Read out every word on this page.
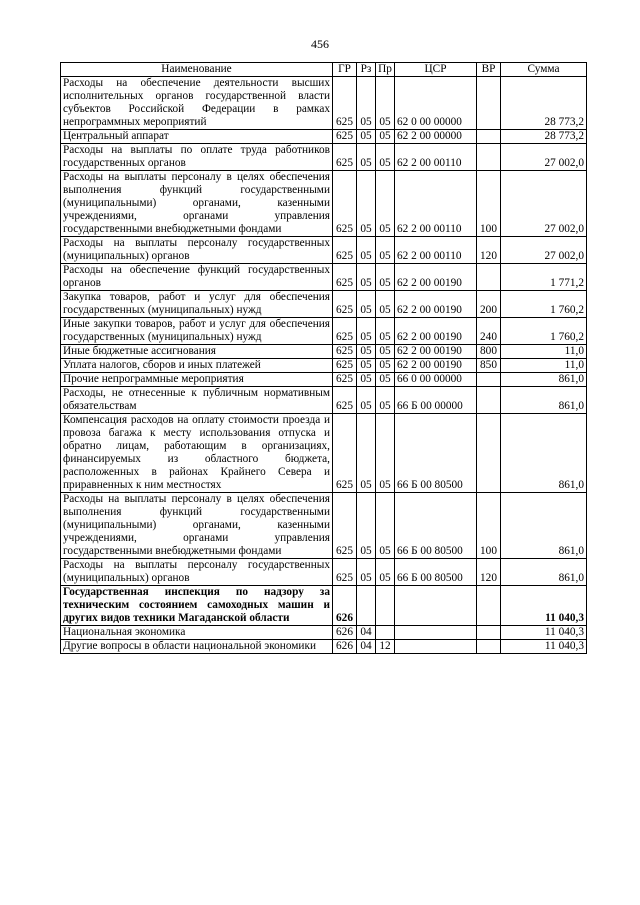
456
Наименование	ГР	Рз	Пр	ЦСР	ВР	Сумма
Расходы на обеспечение деятельности высших исполнительных органов государственной власти субъектов Российской Федерации в рамках непрограммных мероприятий	625	05	05	62 0 00 00000		28 773,2
Центральный аппарат	625	05	05	62 2 00 00000		28 773,2
Расходы на выплаты по оплате труда работников государственных органов	625	05	05	62 2 00 00110		27 002,0
Расходы на выплаты персоналу в целях обеспечения выполнения функций государственными (муниципальными) органами, казенными учреждениями, органами управления государственными внебюджетными фондами	625	05	05	62 2 00 00110	100	27 002,0
Расходы на выплаты персоналу государственных (муниципальных) органов	625	05	05	62 2 00 00110	120	27 002,0
Расходы на обеспечение функций государственных органов	625	05	05	62 2 00 00190		1 771,2
Закупка товаров, работ и услуг для обеспечения государственных (муниципальных) нужд	625	05	05	62 2 00 00190	200	1 760,2
Иные закупки товаров, работ и услуг для обеспечения государственных (муниципальных) нужд	625	05	05	62 2 00 00190	240	1 760,2
Иные бюджетные ассигнования	625	05	05	62 2 00 00190	800	11,0
Уплата налогов, сборов и иных платежей	625	05	05	62 2 00 00190	850	11,0
Прочие непрограммные мероприятия	625	05	05	66 0 00 00000		861,0
Расходы, не отнесенные к публичным нормативным обязательствам	625	05	05	66 Б 00 00000		861,0
Компенсация расходов на оплату стоимости проезда и провоза багажа к месту использования отпуска и обратно лицам, работающим в организациях, финансируемых из областного бюджета, расположенных в районах Крайнего Севера и приравненных к ним местностях	625	05	05	66 Б 00 80500		861,0
Расходы на выплаты персоналу в целях обеспечения выполнения функций государственными (муниципальными) органами, казенными учреждениями, органами управления государственными внебюджетными фондами	625	05	05	66 Б 00 80500	100	861,0
Расходы на выплаты персоналу государственных (муниципальных) органов	625	05	05	66 Б 00 80500	120	861,0
Государственная инспекция по надзору за техническим состоянием самоходных машин и других видов техники Магаданской области	626					11 040,3
Национальная экономика	626	04				11 040,3
Другие вопросы в области национальной экономики	626	04	12			11 040,3
